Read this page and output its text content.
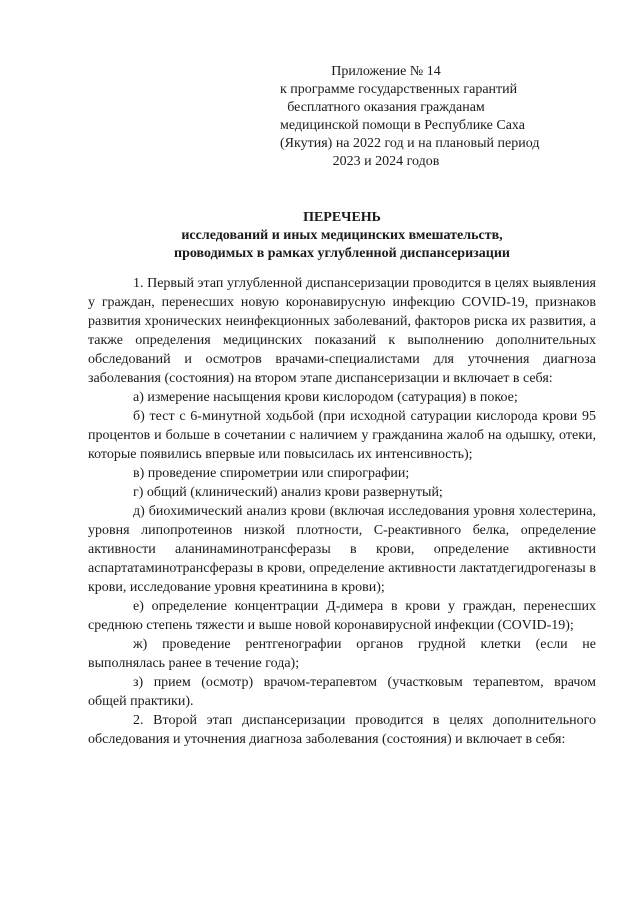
Приложение № 14
к программе государственных гарантий
бесплатного оказания гражданам
медицинской помощи в Республике Саха
(Якутия) на 2022 год и на плановый период
2023 и 2024 годов
ПЕРЕЧЕНЬ
исследований и иных медицинских вмешательств,
проводимых в рамках углубленной диспансеризации

1. Первый этап углубленной диспансеризации проводится в целях выявления у граждан, перенесших новую коронавирусную инфекцию COVID-19, признаков развития хронических неинфекционных заболеваний, факторов риска их развития, а также определения медицинских показаний к выполнению дополнительных обследований и осмотров врачами-специалистами для уточнения диагноза заболевания (состояния) на втором этапе диспансеризации и включает в себя:

а) измерение насыщения крови кислородом (сатурация) в покое;

б) тест с 6-минутной ходьбой (при исходной сатурации кислорода крови 95 процентов и больше в сочетании с наличием у гражданина жалоб на одышку, отеки, которые появились впервые или повысилась их интенсивность);

в) проведение спирометрии или спирографии;

г) общий (клинический) анализ крови развернутый;

д) биохимический анализ крови (включая исследования уровня холестерина, уровня липопротеинов низкой плотности, С-реактивного белка, определение активности аланинаминотрансферазы в крови, определение активности аспартатаминотрансферазы в крови, определение активности лактатдегидрогеназы в крови, исследование уровня креатинина в крови);

е) определение концентрации Д-димера в крови у граждан, перенесших среднюю степень тяжести и выше новой коронавирусной инфекции (COVID-19);

ж) проведение рентгенографии органов грудной клетки (если не выполнялась ранее в течение года);

з) прием (осмотр) врачом-терапевтом (участковым терапевтом, врачом общей практики).

2. Второй этап диспансеризации проводится в целях дополнительного обследования и уточнения диагноза заболевания (состояния) и включает в себя:
